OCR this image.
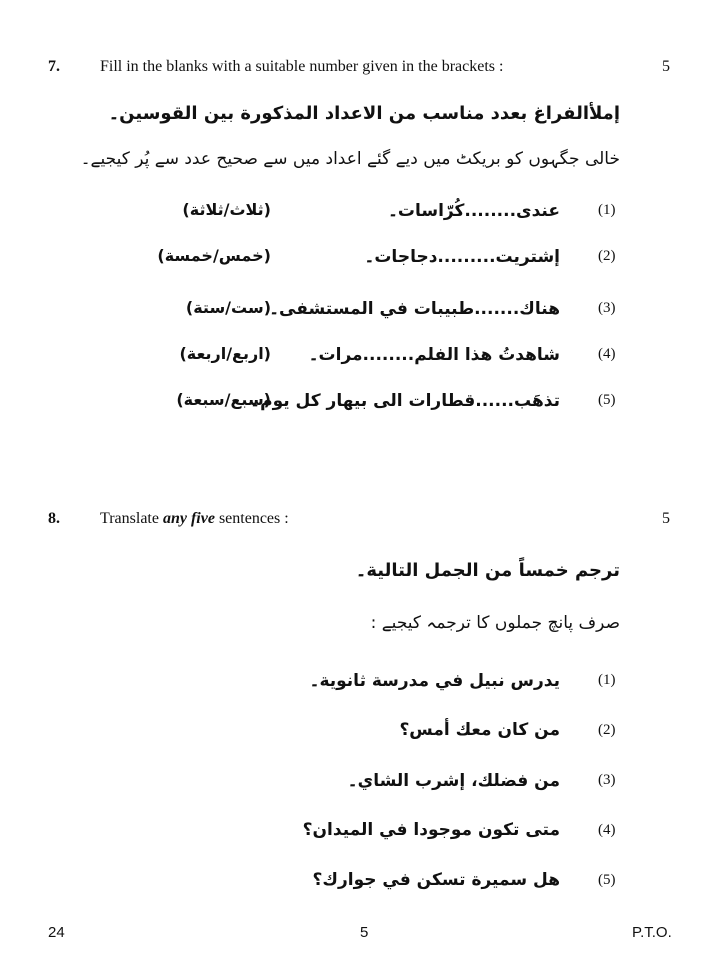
7.	Fill in the blanks with a suitable number given in the brackets :	5
إملأالفراغ بعدد مناسب من الاعداد المذكورة بين القوسين۔
خالی جگہوں کو بریکٹ میں دیے گئے اعداد میں سے صحیح عدد سے پُر کیجیے۔
(1)
عندی........كُرّاسات۔
(ثلاث/ثلاثة)
(2)
إشتريت.........دجاجات۔
(خمس/خمسة)
(3)
هناك.......طبيبات في المستشفى۔
(ست/ستة)
(4)
شاهدتُ هذا الفلم........مرات۔
(اربع/اربعة)
(5)
تذهَب......قطارات الى بيهار كل يوم۔
(سبع/سبعة)
8.	Translate any five sentences :	5
ترجم خمساً من الجمل التالية۔
صرف پانچ جملوں کا ترجمہ کیجیے :
(1)
يدرس نبيل في مدرسة ثانوية۔
(2)
من كان معك أمس؟
(3)
من فضلك، إشرب الشاي۔
(4)
متى تكون موجودا في الميدان؟
(5)
هل سميرة تسكن في جوارك؟
24	5	P.T.O.
